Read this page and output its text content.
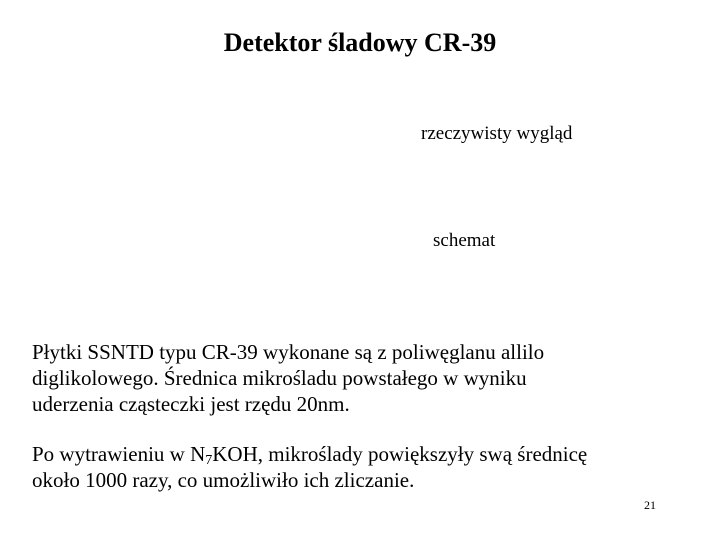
Detektor śladowy CR-39
rzeczywisty wygląd
schemat
Płytki SSNTD typu CR-39 wykonane są z poliwęglanu allilo
diglikolowego. Średnica mikrośladu powstałego w wyniku
uderzenia cząsteczki jest rzędu 20nm.
Po wytrawieniu w $N_7KOH$, mikroślady powiększyły swą średnicę
około 1000 razy, co umożliwiło ich zliczanie.
21
